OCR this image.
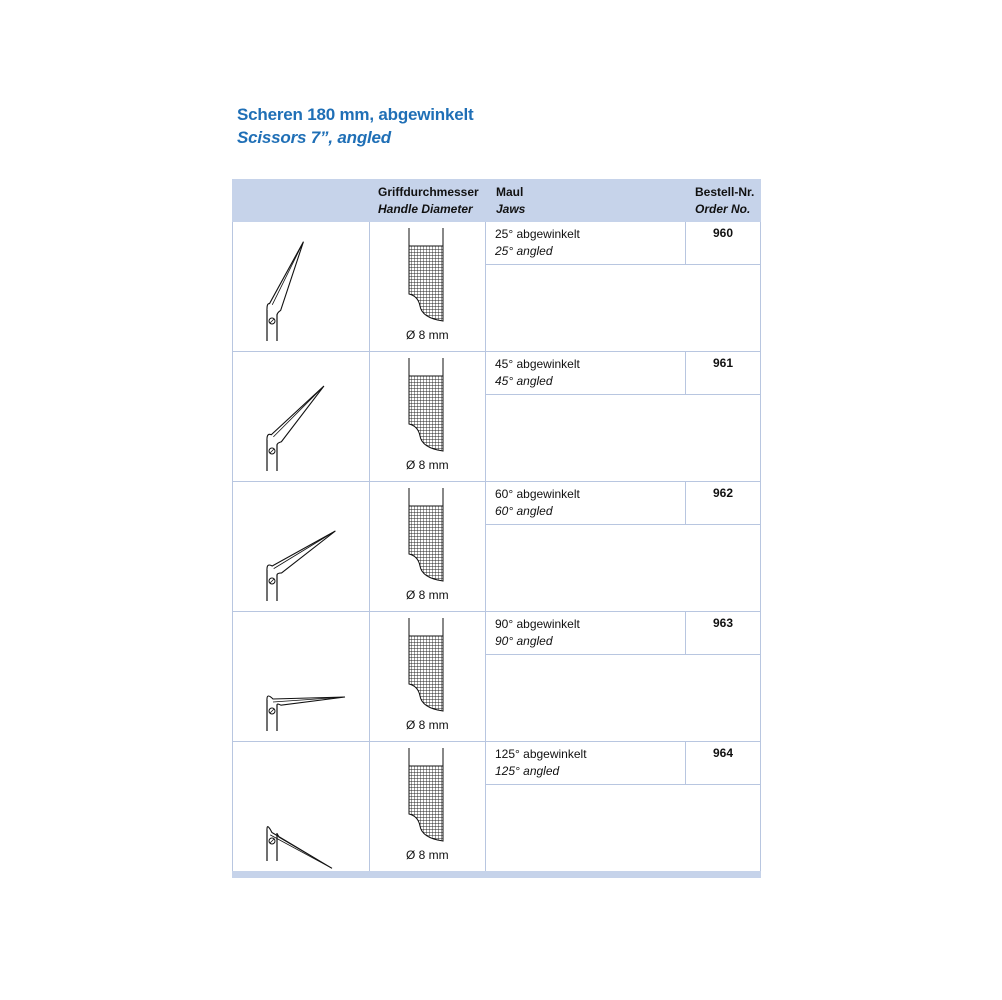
Scheren 180 mm, abgewinkelt
Scissors 7”, angled
Griffdurchmesser
Handle Diameter
Maul
Jaws
Bestell-Nr.
Order No.
Ø 8 mm
25° abgewinkelt
25° angled
960
Ø 8 mm
45° abgewinkelt
45° angled
961
Ø 8 mm
60° abgewinkelt
60° angled
962
Ø 8 mm
90° abgewinkelt
90° angled
963
Ø 8 mm
125° abgewinkelt
125° angled
964
